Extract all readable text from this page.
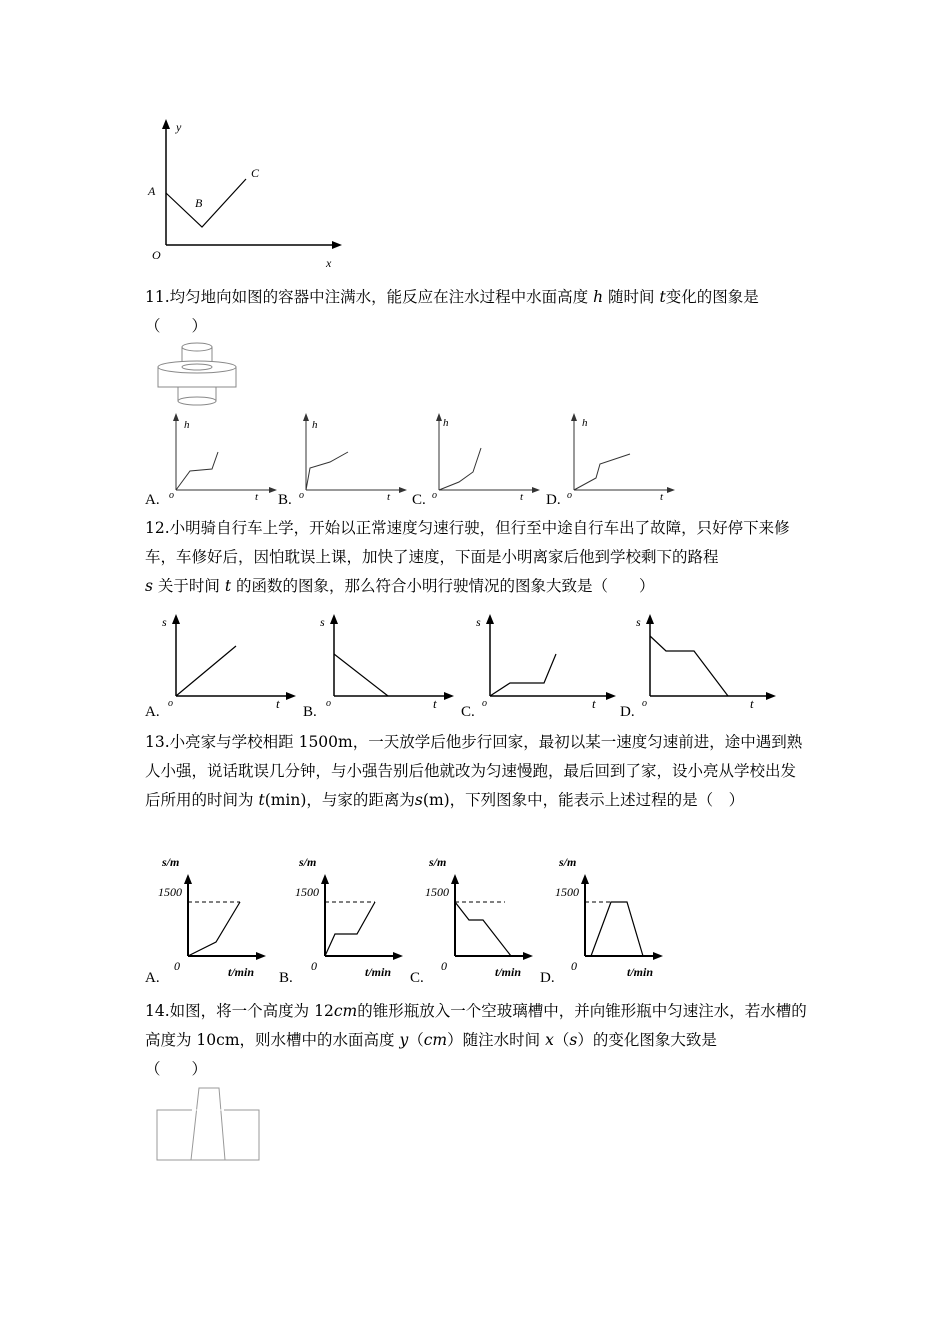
y
x
O
A
B
C
11.均匀地向如图的容器中注满水，能反应在注水过程中水面高度 h 随时间 t变化的图象是
（　　）
h
t
o
A.
h
t
o
B.
h
t
o
C.
h
t
o
D.
12.小明骑自行车上学，开始以正常速度匀速行驶，但行至中途自行车出了故障，只好停下来修车，车修好后，因怕耽误上课，加快了速度，下面是小明离家后他到学校剩下的路程
s 关于时间 t 的函数的图象，那么符合小明行驶情况的图象大致是（　　）
s
t
o
A.
s
t
o
B.
s
t
o
C.
s
t
o
D.
13.小亮家与学校相距 1500m，一天放学后他步行回家，最初以某一速度匀速前进，途中遇到熟人小强，说话耽误几分钟，与小强告别后他就改为匀速慢跑，最后回到了家，设小亮从学校出发后所用的时间为 t(min)，与家的距离为s(m)，下列图象中，能表示上述过程的是（　）
s/m
1500
0	t/min
A.
s/m
1500
0	t/min
B.
s/m
1500
0	t/min
C.
s/m
1500
0	t/min
D.
14.如图，将一个高度为 12cm的锥形瓶放入一个空玻璃槽中，并向锥形瓶中匀速注水，若水槽的高度为 10cm，则水槽中的水面高度 y（cm）随注水时间 x（s）的变化图象大致是
（　　）
